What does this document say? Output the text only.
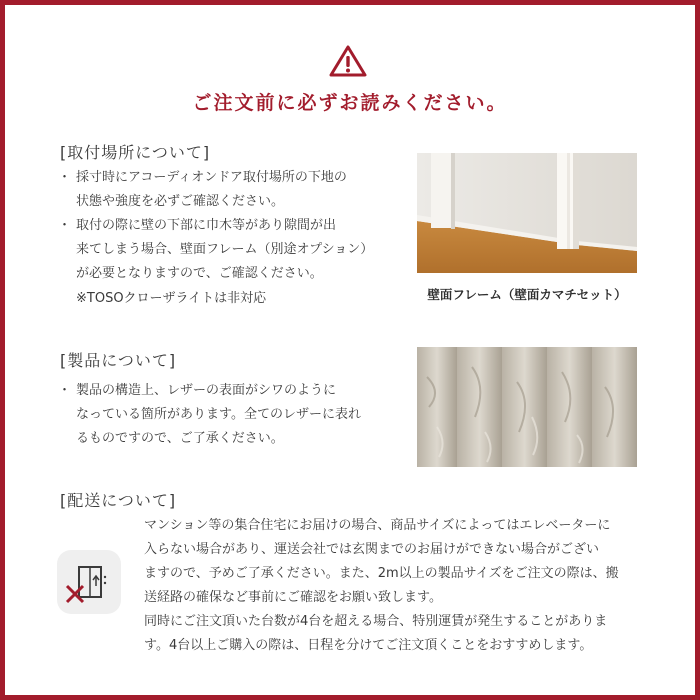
ご注文前に必ずお読みください。
[取付場所について]
・ 採寸時にアコーディオンドア取付場所の下地の
状態や強度を必ずご確認ください。
・ 取付の際に壁の下部に巾木等があり隙間が出
来てしまう場合、壁面フレーム（別途オプション）
が必要となりますので、ご確認ください。
※TOSOクローザライトは非対応	壁面フレーム（壁面カマチセット）
[製品について]
・ 製品の構造上、レザーの表面がシワのように
なっている箇所があります。全てのレザーに表れ
るものですので、ご了承ください。
[配送について]
マンション等の集合住宅にお届けの場合、商品サイズによってはエレベーターに
入らない場合があり、運送会社では玄関までのお届けができない場合がござい
ますので、予めご了承ください。また、2m以上の製品サイズをご注文の際は、搬
送経路の確保など事前にご確認をお願い致します。
同時にご注文頂いた台数が4台を超える場合、特別運賃が発生することがありま
す。4台以上ご購入の際は、日程を分けてご注文頂くことをおすすめします。
